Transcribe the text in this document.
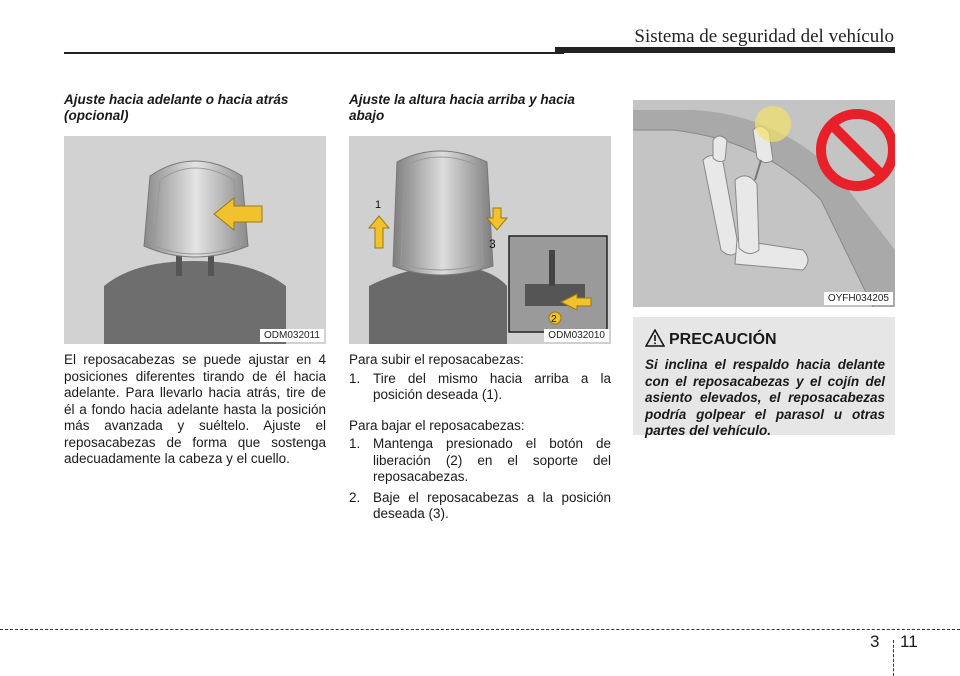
Sistema de seguridad del vehículo
Ajuste hacia adelante o hacia atrás (opcional)
ODM032011

El reposacabezas se puede ajustar en 4 posiciones diferentes tirando de él hacia adelante. Para llevarlo hacia atrás, tire de él a fondo hacia adelante hasta la posición más avanzada y suéltelo. Ajuste el reposacabezas de forma que sostenga adecuadamente la cabeza y el cuello.

Ajuste la altura hacia arriba y hacia abajo
1
3
2
ODM032010

Para subir el reposacabezas:

1. Tire del mismo hacia arriba a la posición deseada (1).

Para bajar el reposacabezas:

1. Mantenga presionado el botón de liberación (2) en el soporte del reposacabezas.
2. Baje el reposacabezas a la posición deseada (3).
OYFH034205
PRECAUCIÓN
Si inclina el respaldo hacia delante con el reposacabezas y el cojín del asiento elevados, el reposacabezas podría golpear el parasol u otras partes del vehículo.
3 11
